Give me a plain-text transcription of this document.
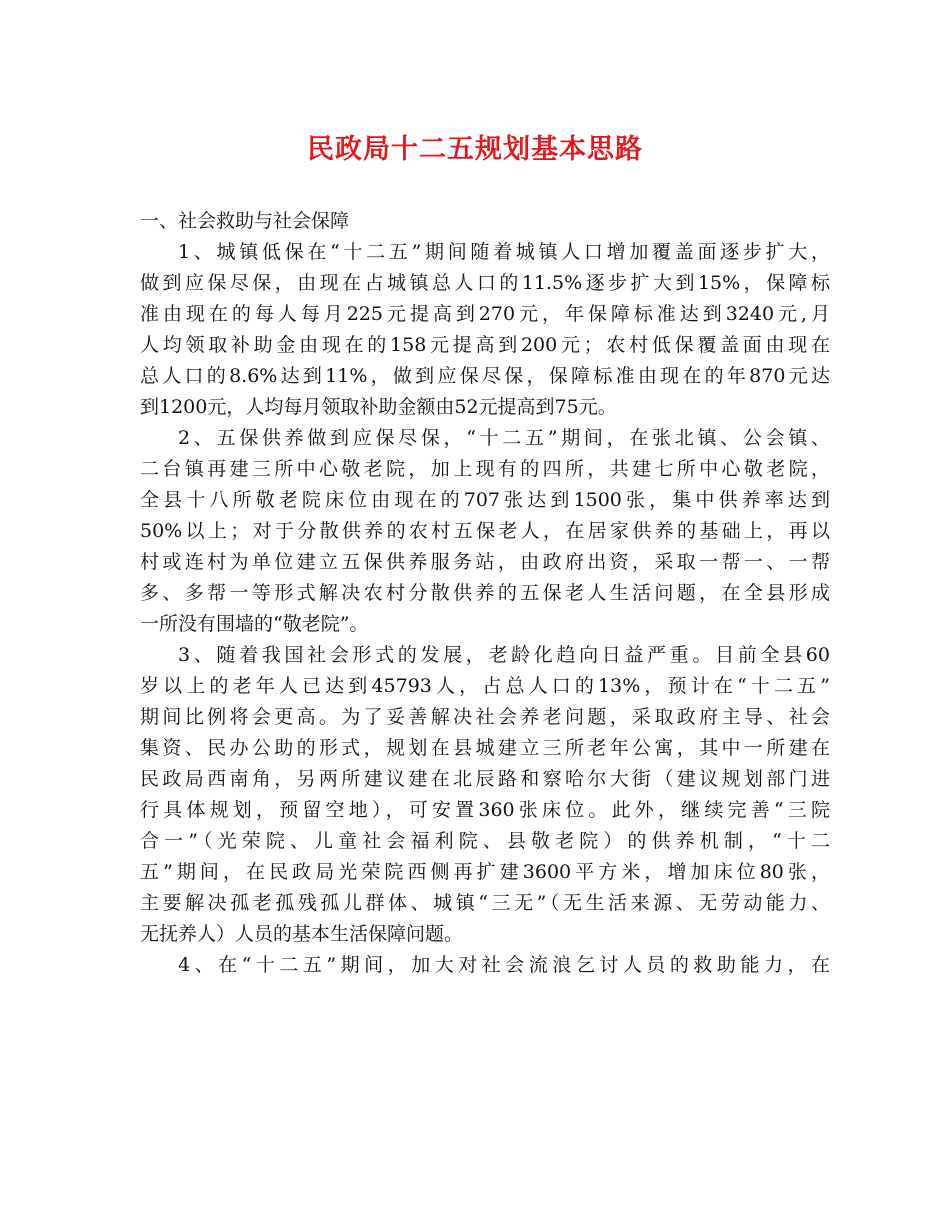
民政局十二五规划基本思路
一、社会救助与社会保障
1、城镇低保在“十二五”期间随着城镇人口增加覆盖面逐步扩大，
做到应保尽保，由现在占城镇总人口的11.5%逐步扩大到15%，保障标
准由现在的每人每月225元提高到270元，年保障标准达到3240元,月
人均领取补助金由现在的158元提高到200元；农村低保覆盖面由现在
总人口的8.6%达到11%，做到应保尽保，保障标准由现在的年870元达
到1200元，人均每月领取补助金额由52元提高到75元。
2、五保供养做到应保尽保，“十二五”期间，在张北镇、公会镇、
二台镇再建三所中心敬老院，加上现有的四所，共建七所中心敬老院，
全县十八所敬老院床位由现在的707张达到1500张，集中供养率达到
50%以上；对于分散供养的农村五保老人，在居家供养的基础上，再以
村或连村为单位建立五保供养服务站，由政府出资，采取一帮一、一帮
多、多帮一等形式解决农村分散供养的五保老人生活问题，在全县形成
一所没有围墙的“敬老院”。
3、随着我国社会形式的发展，老龄化趋向日益严重。目前全县60
岁以上的老年人已达到45793人，占总人口的13%，预计在“十二五”
期间比例将会更高。为了妥善解决社会养老问题，采取政府主导、社会
集资、民办公助的形式，规划在县城建立三所老年公寓，其中一所建在
民政局西南角，另两所建议建在北辰路和察哈尔大街（建议规划部门进
行具体规划，预留空地），可安置360张床位。此外，继续完善“三院
合一”（光荣院、儿童社会福利院、县敬老院）的供养机制，“十二
五”期间，在民政局光荣院西侧再扩建3600平方米，增加床位80张，
主要解决孤老孤残孤儿群体、城镇“三无”（无生活来源、无劳动能力、
无抚养人）人员的基本生活保障问题。
4、在“十二五”期间，加大对社会流浪乞讨人员的救助能力，在
